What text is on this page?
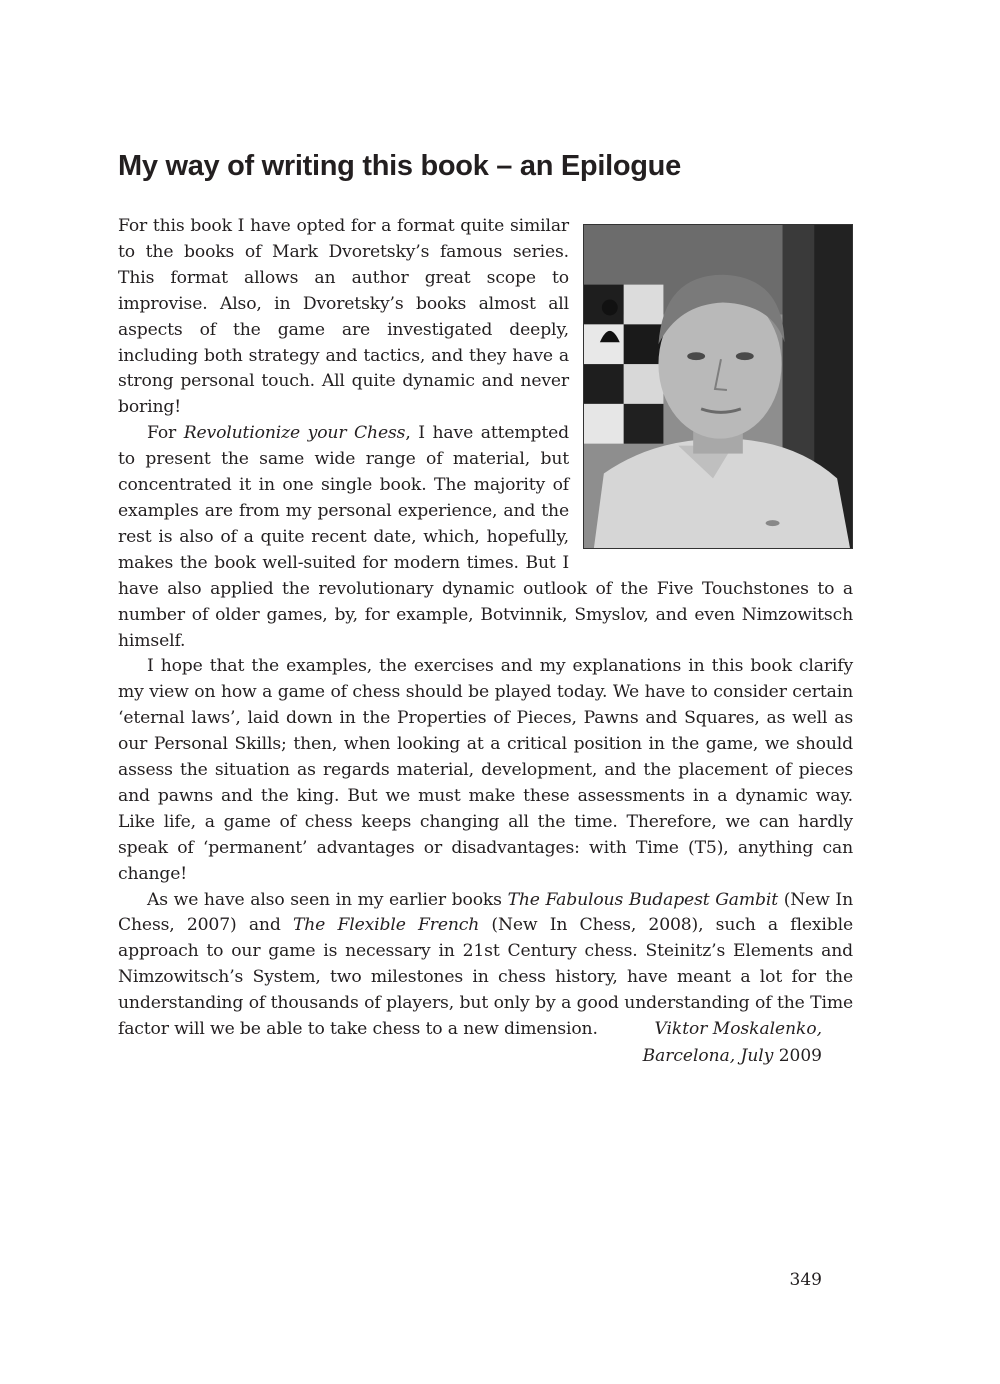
My way of writing this book – an Epilogue

For this book I have opted for a format quite similar to the books of Mark Dvoretsky’s famous series. This format allows an author great scope to improvise. Also, in Dvoretsky’s books almost all aspects of the game are investigated deeply, including both strategy and tactics, and they have a strong personal touch. All quite dynamic and never boring!

For Revolutionize your Chess, I have attempted to present the same wide range of material, but concentrated it in one single book. The majority of examples are from my personal experience, and the rest is also of a quite recent date, which, hopefully, makes the book well-suited for modern times. But I have also applied the revolutionary dynamic outlook of the Five Touchstones to a number of older games, by, for example, Botvinnik, Smyslov, and even Nimzowitsch himself.

I hope that the examples, the exercises and my explanations in this book clarify my view on how a game of chess should be played today. We have to consider certain ‘eternal laws’, laid down in the Properties of Pieces, Pawns and Squares, as well as our Personal Skills; then, when looking at a critical position in the game, we should assess the situation as regards material, development, and the placement of pieces and pawns and the king. But we must make these assessments in a dynamic way. Like life, a game of chess keeps changing all the time. Therefore, we can hardly speak of ‘permanent’ advantages or disadvantages: with Time (T5), anything can change!

As we have also seen in my earlier books The Fabulous Budapest Gambit (New In Chess, 2007) and The Flexible French (New In Chess, 2008), such a flexible approach to our game is necessary in 21st Century chess. Steinitz’s Elements and Nimzowitsch’s System, two milestones in chess history, have meant a lot for the understanding of thousands of players, but only by a good understanding of the Time factor will we be able to take chess to a new dimension.	Viktor Moskalenko,
Barcelona, July 2009
349
